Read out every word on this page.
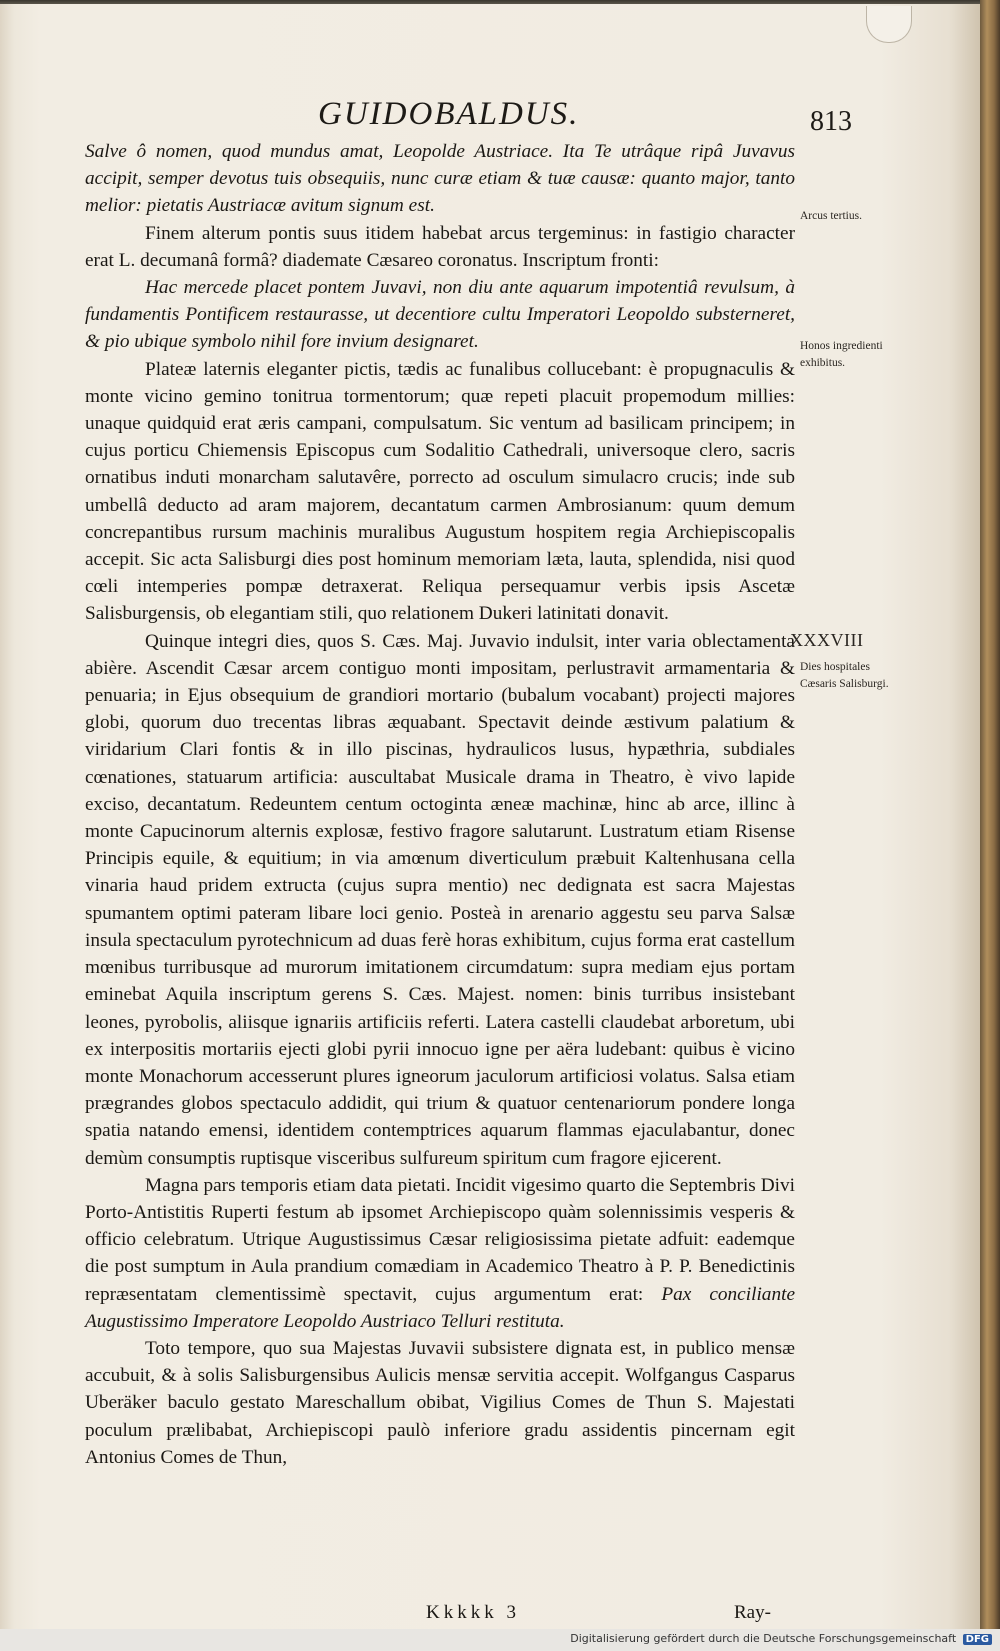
GUIDOBALDUS.	813

Salve ô nomen, quod mundus amat, Leopolde Austriace. Ita Te utrâque ripâ Juvavus accipit, semper devotus tuis obsequiis, nunc curæ etiam & tuæ causæ: quanto major, tanto melior: pietatis Austriacæ avitum signum est.

Finem alterum pontis suus itidem habebat arcus tergeminus: in fastigio character erat L. decumanâ formâ? diademate Cæsareo coronatus. Inscriptum fronti:

Hac mercede placet pontem Juvavi, non diu ante aquarum impotentiâ revulsum, à fundamentis Pontificem restaurasse, ut decentiore cultu Imperatori Leopoldo substerneret, & pio ubique symbolo nihil fore invium designaret.

Plateæ laternis eleganter pictis, tædis ac funalibus collucebant: è propugnaculis & monte vicino gemino tonitrua tormentorum; quæ repeti placuit propemodum millies: unaque quidquid erat æris campani, compulsatum. Sic ventum ad basilicam principem; in cujus porticu Chiemensis Episcopus cum Sodalitio Cathedrali, universoque clero, sacris ornatibus induti monarcham salutavêre, porrecto ad osculum simulacro crucis; inde sub umbellâ deducto ad aram majorem, decantatum carmen Ambrosianum: quum demum concrepantibus rursum machinis muralibus Augustum hospitem regia Archiepiscopalis accepit. Sic acta Salisburgi dies post hominum memoriam læta, lauta, splendida, nisi quod cœli intemperies pompæ detraxerat. Reliqua persequamur verbis ipsis Ascetæ Salisburgensis, ob elegantiam stili, quo relationem Dukeri latinitati donavit.

Quinque integri dies, quos S. Cæs. Maj. Juvavio indulsit, inter varia oblectamenta abière. Ascendit Cæsar arcem contiguo monti impositam, perlustravit armamentaria & penuaria; in Ejus obsequium de grandiori mortario (bubalum vocabant) projecti majores globi, quorum duo trecentas libras æquabant. Spectavit deinde æstivum palatium & viridarium Clari fontis & in illo piscinas, hydraulicos lusus, hypæthria, subdiales cœnationes, statuarum artificia: auscultabat Musicale drama in Theatro, è vivo lapide exciso, decantatum. Redeuntem centum octoginta æneæ machinæ, hinc ab arce, illinc à monte Capucinorum alternis explosæ, festivo fragore salutarunt. Lustratum etiam Risense Principis equile, & equitium; in via amœnum diverticulum præbuit Kaltenhusana cella vinaria haud pridem extructa (cujus supra mentio) nec dedignata est sacra Majestas spumantem optimi pateram libare loci genio. Posteà in arenario aggestu seu parva Salsæ insula spectaculum pyrotechnicum ad duas ferè horas exhibitum, cujus forma erat castellum mœnibus turribusque ad murorum imitationem circumdatum: supra mediam ejus portam eminebat Aquila inscriptum gerens S. Cæs. Majest. nomen: binis turribus insistebant leones, pyrobolis, aliisque ignariis artificiis referti. Latera castelli claudebat arboretum, ubi ex interpositis mortariis ejecti globi pyrii innocuo igne per aëra ludebant: quibus è vicino monte Monachorum accesserunt plures igneorum jaculorum artificiosi volatus. Salsa etiam prægrandes globos spectaculo addidit, qui trium & quatuor centenariorum pondere longa spatia natando emensi, identidem contemptrices aquarum flammas ejaculabantur, donec demùm consumptis ruptisque visceribus sulfureum spiritum cum fragore ejicerent.

Magna pars temporis etiam data pietati. Incidit vigesimo quarto die Septembris Divi Porto-Antistitis Ruperti festum ab ipsomet Archiepiscopo quàm solennissimis vesperis & officio celebratum. Utrique Augustissimus Cæsar religiosissima pietate adfuit: eademque die post sumptum in Aula prandium comædiam in Academico Theatro à P. P. Benedictinis repræsentatam clementissimè spectavit, cujus argumentum erat: Pax conciliante Augustissimo Imperatore Leopoldo Austriaco Telluri restituta.

Toto tempore, quo sua Majestas Juvavii subsistere dignata est, in publico mensæ accubuit, & à solis Salisburgensibus Aulicis mensæ servitia accepit. Wolfgangus Casparus Uberäker baculo gestato Mareschallum obibat, Vigilius Comes de Thun S. Majestati poculum prælibabat, Archiepiscopi paulò inferiore gradu assidentis pincernam egit Antonius Comes de Thun,

Arcus tertius.
Honos ingredienti exhibitus.
XXXVIII
Dies hospitales Cæsaris Salisburgi.
Kkkkk 3	Ray-
Digitalisierung gefördert durch die Deutsche Forschungsgemeinschaft DFG
